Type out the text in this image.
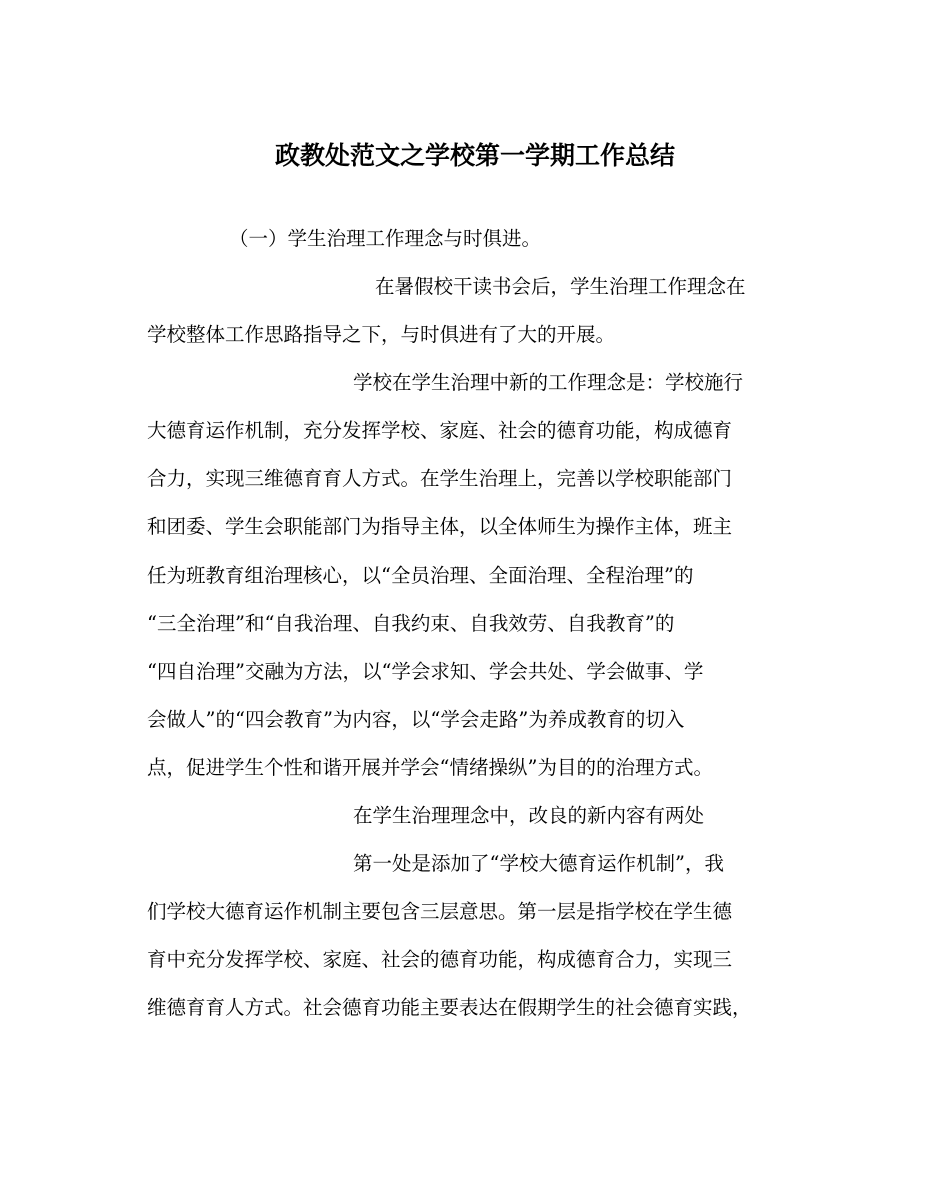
政教处范文之学校第一学期工作总结
（一）学生治理工作理念与时俱进。
在暑假校干读书会后，学生治理工作理念在
学校整体工作思路指导之下，与时俱进有了大的开展。
学校在学生治理中新的工作理念是：学校施行
大德育运作机制，充分发挥学校、家庭、社会的德育功能，构成德育
合力，实现三维德育育人方式。在学生治理上，完善以学校职能部门
和团委、学生会职能部门为指导主体，以全体师生为操作主体，班主
任为班教育组治理核心，以“全员治理、全面治理、全程治理”的
“三全治理”和“自我治理、自我约束、自我效劳、自我教育”的
“四自治理”交融为方法，以“学会求知、学会共处、学会做事、学
会做人”的“四会教育”为内容，以“学会走路”为养成教育的切入
点，促进学生个性和谐开展并学会“情绪操纵”为目的的治理方式。
在学生治理理念中，改良的新内容有两处
第一处是添加了“学校大德育运作机制”，我
们学校大德育运作机制主要包含三层意思。第一层是指学校在学生德
育中充分发挥学校、家庭、社会的德育功能，构成德育合力，实现三
维德育育人方式。社会德育功能主要表达在假期学生的社会德育实践，
